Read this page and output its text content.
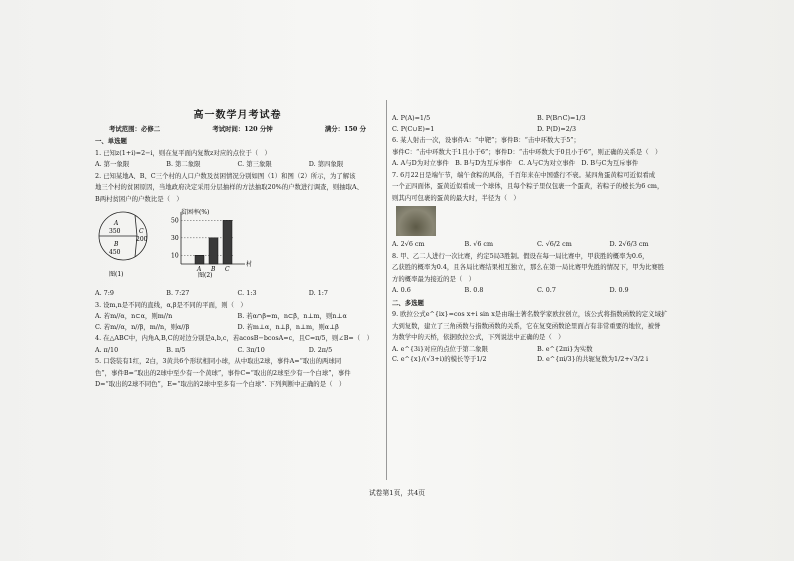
高一数学月考试卷
考试范围：必修二	考试时间：120 分钟	满分：150 分
一、单选题
1. 已知z(1+i)=2−i，则在复平面内复数z对应的点位于（　）
A. 第一象限	B. 第二象限	C. 第三象限	D. 第四象限
2. 已知某地A、B、C三个村的人口户数及贫困情况分别如图（1）和图（2）所示，为了解该
地三个村的贫困原因，当地政府决定采用分层抽样的方法抽取20%的户数进行调查，则抽取A、
B两村贫困户的户数比是（　）
A
350
B
450
C
200
图(1)
贫困率(%)
村
图(2)
10
30
50
A B C
A. 7:9	B. 7:27	C. 1:3	D. 1:7
3. 设m,n是不同的直线，α,β是不同的平面，则（　）
A. 若m//α，n⊂α，则m//n	B. 若α∩β=m，n⊂β，n⊥m，则n⊥α
C. 若m//α，n//β，m//n，则α//β	D. 若m⊥α，n⊥β，n⊥m，则α⊥β
4. 在△ABC中，内角A,B,C的对边分别是a,b,c，若acosB−bcosA=c，且C=π/5，则∠B=（　）
A. π/10	B. π/5	C. 3π/10	D. 2π/5
5. 口袋装有1红，2白，3黄共6个形状相同小球，从中取出2球，事件A=“取出的两球同
色”，事件B=“取出的2球中至少有一个黄球”，事件C=“取出的2球至少有一个白球”，事件
D=“取出的2球不同色”，E=“取出的2球中至多有一个白球”. 下列判断中正确的是（　）
A. P(A)=1/5	B. P(B∩C)=1/3
C. P(C∪E)=1	D. P(D)=2/3
6. 某人射击一次，设事件A：“中靶”；事件B：“击中环数大于5”；
事件C：“击中环数大于1且小于6”；事件D：“击中环数大于0且小于6”，则正确的关系是（　）
A. A与D为对立事件　B. B与D为互斥事件　C. A与C为对立事件　D. B与C为互斥事件
7. 6月22日是端午节，端午食粽的风俗，千百年来在中国盛行不衰。某四角蛋黄粽可近似看成
一个正四面体，蛋黄近似看成一个球体，且每个粽子里仅包裹一个蛋黄，若粽子的棱长为6 cm，
则其内可包裹的蛋黄的最大时，半径为（　）
A. 2√6 cm	B. √6 cm	C. √6/2 cm	D. 2√6/3 cm
8. 甲、乙二人进行一次比赛，约定5局3胜制。假设在每一局比赛中，甲获胜的概率为0.6，
乙获胜的概率为0.4，且各局比赛结果相互独立，那么在第一局比赛甲先胜的情况下，甲为比赛胜
方的概率最为接近的是（　）
A. 0.6	B. 0.8	C. 0.7	D. 0.9
二、多选题
9. 欧拉公式e^{ix}=cos x+i sin x是由瑞士著名数学家欧拉创立，该公式将指数函数的定义域扩
大到复数，建立了三角函数与指数函数的关系，它在复变函数论里面占有非常重要的地位，被誉
为数学中的天桥，依据欧拉公式，下列说法中正确的是（　）
A. e^{3i}对应的点位于第二象限	B. e^{2πi}为实数
C. e^{x}/(√3+i)的模长等于1/2	D. e^{πi/3}的共轭复数为1/2+√3/2 i
试卷第1页，共4页
